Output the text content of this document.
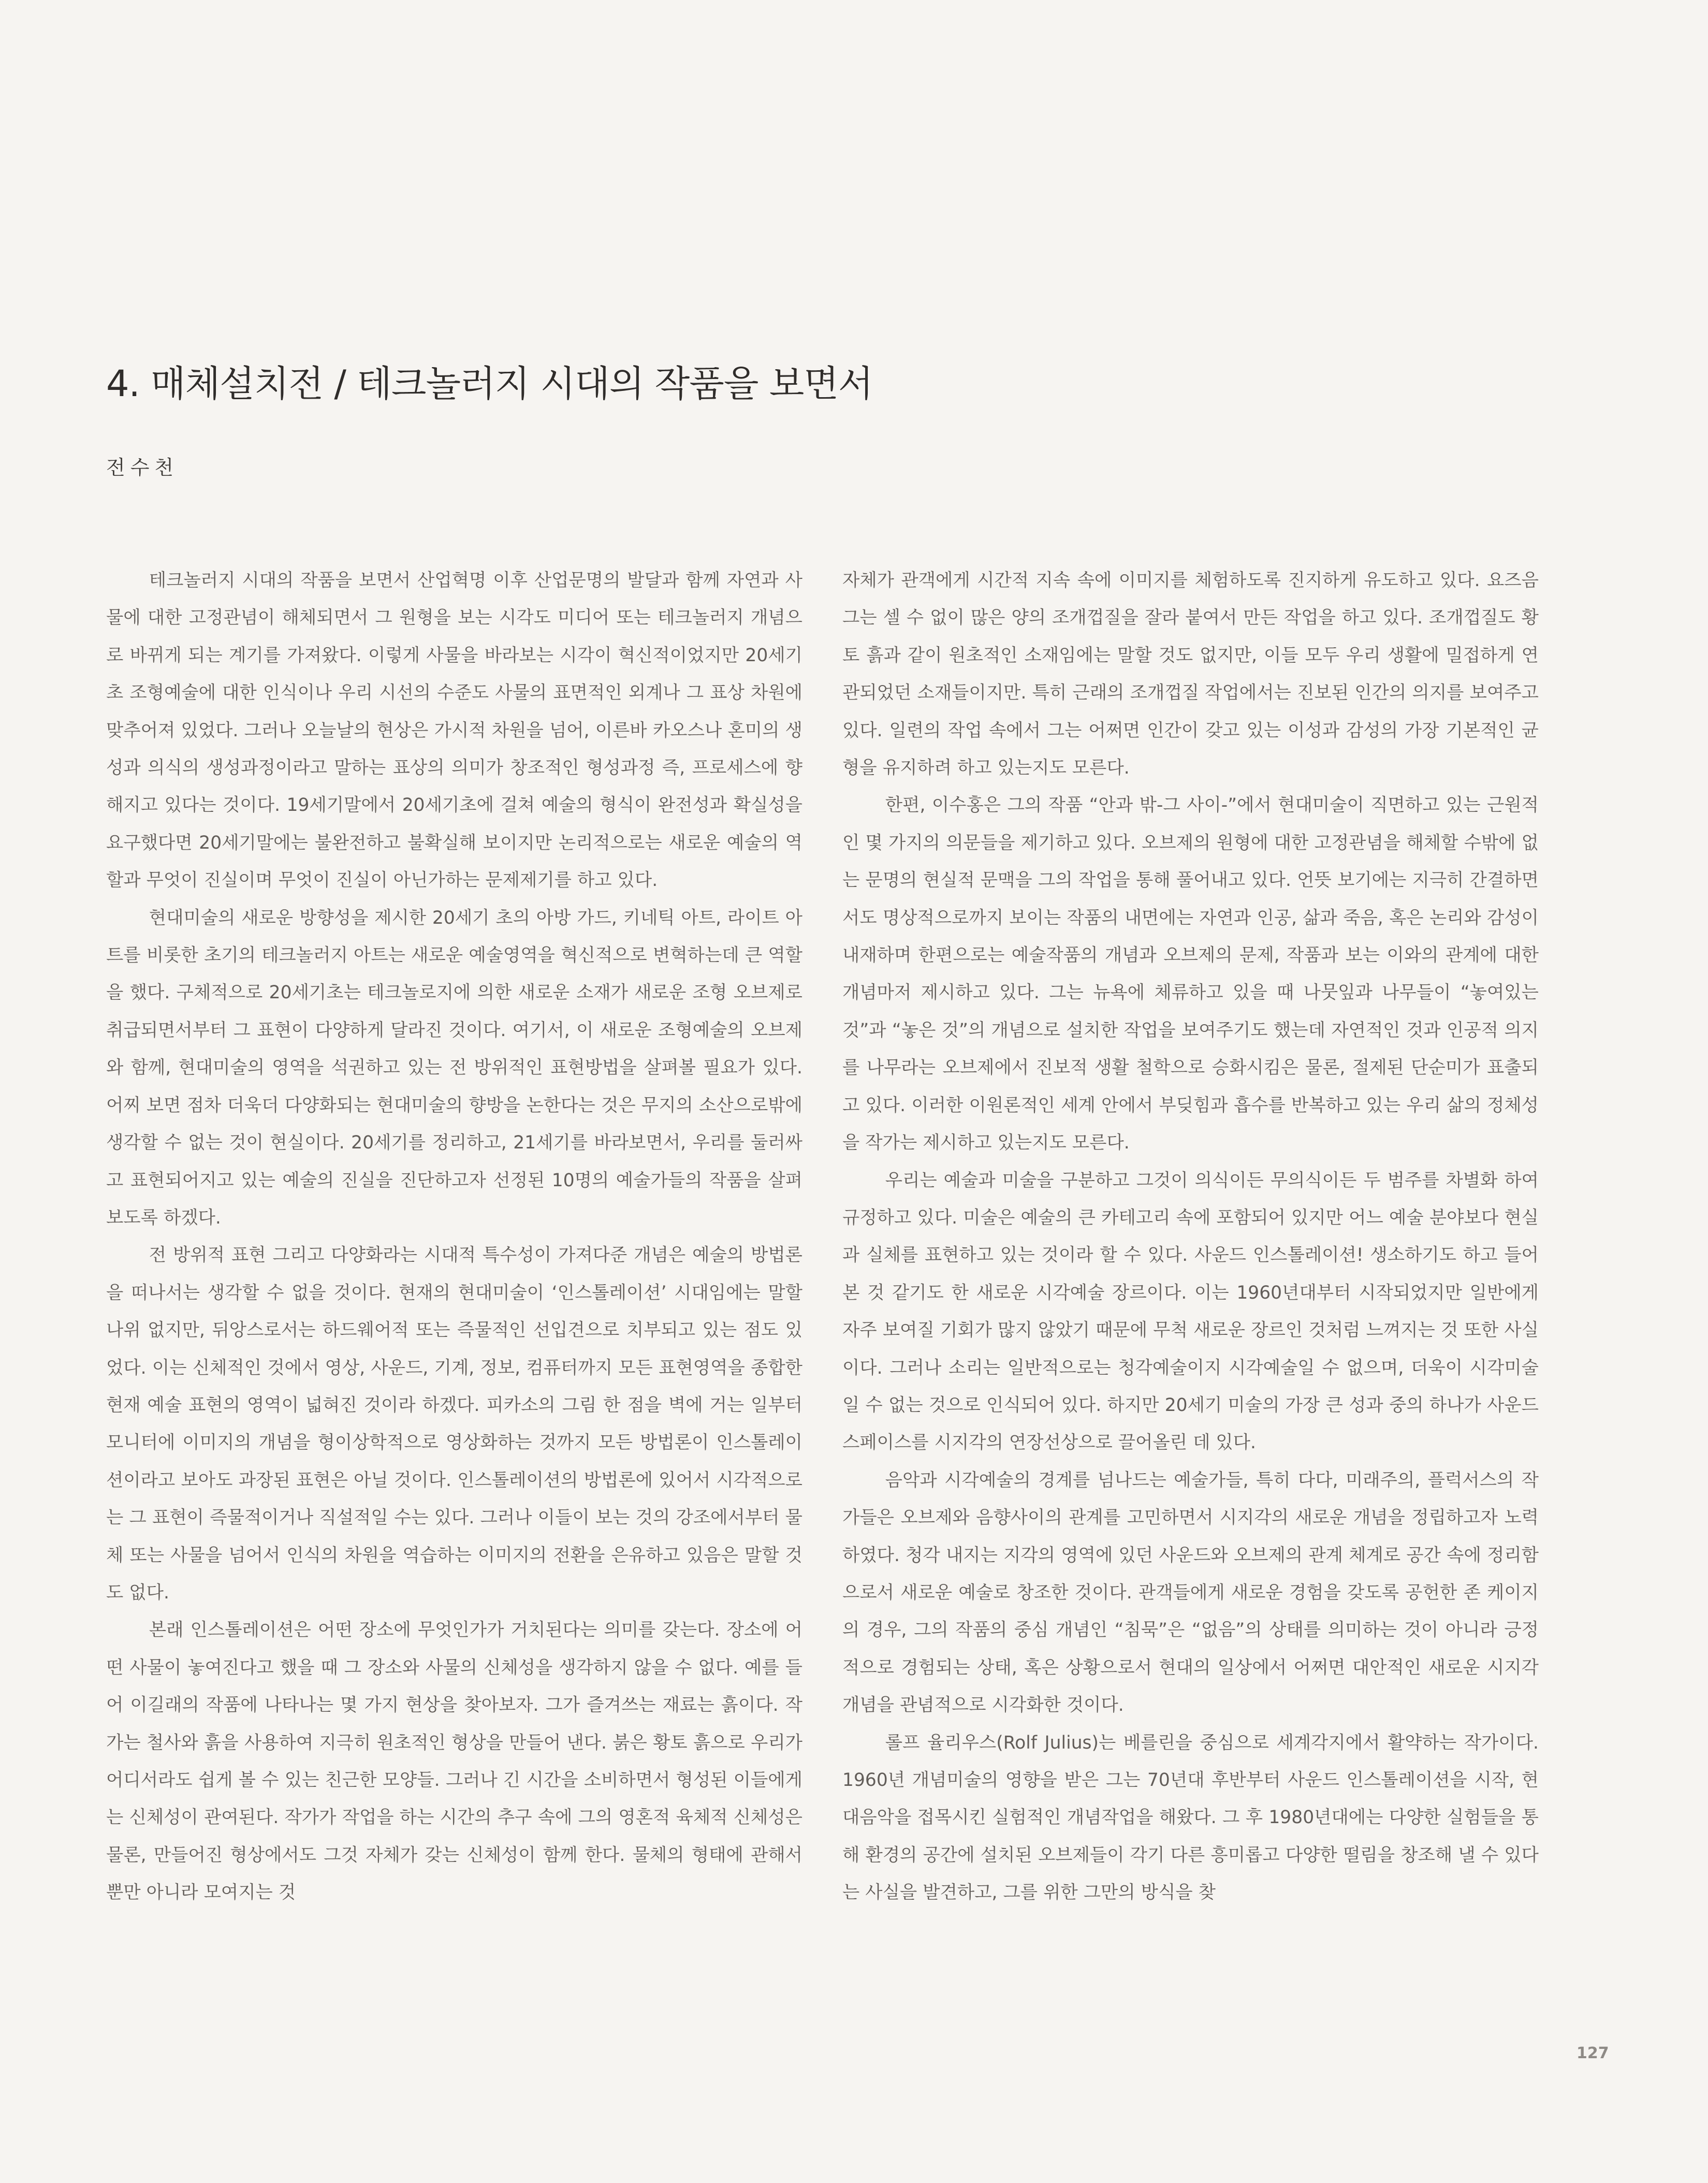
4. 매체설치전 / 테크놀러지 시대의 작품을 보면서

전수천

테크놀러지 시대의 작품을 보면서 산업혁명 이후 산업문명의 발달과 함께 자연과 사물에 대한 고정관념이 해체되면서 그 원형을 보는 시각도 미디어 또는 테크놀러지 개념으로 바뀌게 되는 계기를 가져왔다. 이렇게 사물을 바라보는 시각이 혁신적이었지만 20세기초 조형예술에 대한 인식이나 우리 시선의 수준도 사물의 표면적인 외계나 그 표상 차원에 맞추어져 있었다. 그러나 오늘날의 현상은 가시적 차원을 넘어, 이른바 카오스나 혼미의 생성과 의식의 생성과정이라고 말하는 표상의 의미가 창조적인 형성과정 즉, 프로세스에 향해지고 있다는 것이다. 19세기말에서 20세기초에 걸쳐 예술의 형식이 완전성과 확실성을 요구했다면 20세기말에는 불완전하고 불확실해 보이지만 논리적으로는 새로운 예술의 역할과 무엇이 진실이며 무엇이 진실이 아닌가하는 문제제기를 하고 있다.

현대미술의 새로운 방향성을 제시한 20세기 초의 아방 가드, 키네틱 아트, 라이트 아트를 비롯한 초기의 테크놀러지 아트는 새로운 예술영역을 혁신적으로 변혁하는데 큰 역할을 했다. 구체적으로 20세기초는 테크놀로지에 의한 새로운 소재가 새로운 조형 오브제로 취급되면서부터 그 표현이 다양하게 달라진 것이다. 여기서, 이 새로운 조형예술의 오브제와 함께, 현대미술의 영역을 석권하고 있는 전 방위적인 표현방법을 살펴볼 필요가 있다. 어찌 보면 점차 더욱더 다양화되는 현대미술의 향방을 논한다는 것은 무지의 소산으로밖에 생각할 수 없는 것이 현실이다. 20세기를 정리하고, 21세기를 바라보면서, 우리를 둘러싸고 표현되어지고 있는 예술의 진실을 진단하고자 선정된 10명의 예술가들의 작품을 살펴보도록 하겠다.

전 방위적 표현 그리고 다양화라는 시대적 특수성이 가져다준 개념은 예술의 방법론을 떠나서는 생각할 수 없을 것이다. 현재의 현대미술이 ‘인스톨레이션’ 시대임에는 말할 나위 없지만, 뒤앙스로서는 하드웨어적 또는 즉물적인 선입견으로 치부되고 있는 점도 있었다. 이는 신체적인 것에서 영상, 사운드, 기계, 정보, 컴퓨터까지 모든 표현영역을 종합한 현재 예술 표현의 영역이 넓혀진 것이라 하겠다. 피카소의 그림 한 점을 벽에 거는 일부터 모니터에 이미지의 개념을 형이상학적으로 영상화하는 것까지 모든 방법론이 인스톨레이션이라고 보아도 과장된 표현은 아닐 것이다. 인스톨레이션의 방법론에 있어서 시각적으로는 그 표현이 즉물적이거나 직설적일 수는 있다. 그러나 이들이 보는 것의 강조에서부터 물체 또는 사물을 넘어서 인식의 차원을 역습하는 이미지의 전환을 은유하고 있음은 말할 것도 없다.

본래 인스톨레이션은 어떤 장소에 무엇인가가 거치된다는 의미를 갖는다. 장소에 어떤 사물이 놓여진다고 했을 때 그 장소와 사물의 신체성을 생각하지 않을 수 없다. 예를 들어 이길래의 작품에 나타나는 몇 가지 현상을 찾아보자. 그가 즐겨쓰는 재료는 흙이다. 작가는 철사와 흙을 사용하여 지극히 원초적인 형상을 만들어 낸다. 붉은 황토 흙으로 우리가 어디서라도 쉽게 볼 수 있는 친근한 모양들. 그러나 긴 시간을 소비하면서 형성된 이들에게는 신체성이 관여된다. 작가가 작업을 하는 시간의 추구 속에 그의 영혼적 육체적 신체성은 물론, 만들어진 형상에서도 그것 자체가 갖는 신체성이 함께 한다. 물체의 형태에 관해서 뿐만 아니라 모여지는 것

자체가 관객에게 시간적 지속 속에 이미지를 체험하도록 진지하게 유도하고 있다. 요즈음 그는 셀 수 없이 많은 양의 조개껍질을 잘라 붙여서 만든 작업을 하고 있다. 조개껍질도 황토 흙과 같이 원초적인 소재임에는 말할 것도 없지만, 이들 모두 우리 생활에 밀접하게 연관되었던 소재들이지만. 특히 근래의 조개껍질 작업에서는 진보된 인간의 의지를 보여주고 있다. 일련의 작업 속에서 그는 어쩌면 인간이 갖고 있는 이성과 감성의 가장 기본적인 균형을 유지하려 하고 있는지도 모른다.

한편, 이수홍은 그의 작품 “안과 밖-그 사이-”에서 현대미술이 직면하고 있는 근원적인 몇 가지의 의문들을 제기하고 있다. 오브제의 원형에 대한 고정관념을 해체할 수밖에 없는 문명의 현실적 문맥을 그의 작업을 통해 풀어내고 있다. 언뜻 보기에는 지극히 간결하면서도 명상적으로까지 보이는 작품의 내면에는 자연과 인공, 삶과 죽음, 혹은 논리와 감성이 내재하며 한편으로는 예술작품의 개념과 오브제의 문제, 작품과 보는 이와의 관계에 대한 개념마저 제시하고 있다. 그는 뉴욕에 체류하고 있을 때 나뭇잎과 나무들이 “놓여있는 것”과 “놓은 것”의 개념으로 설치한 작업을 보여주기도 했는데 자연적인 것과 인공적 의지를 나무라는 오브제에서 진보적 생활 철학으로 승화시킴은 물론, 절제된 단순미가 표출되고 있다. 이러한 이원론적인 세계 안에서 부딪힘과 흡수를 반복하고 있는 우리 삶의 정체성을 작가는 제시하고 있는지도 모른다.

우리는 예술과 미술을 구분하고 그것이 의식이든 무의식이든 두 범주를 차별화 하여 규정하고 있다. 미술은 예술의 큰 카테고리 속에 포함되어 있지만 어느 예술 분야보다 현실과 실체를 표현하고 있는 것이라 할 수 있다. 사운드 인스톨레이션! 생소하기도 하고 들어본 것 같기도 한 새로운 시각예술 장르이다. 이는 1960년대부터 시작되었지만 일반에게 자주 보여질 기회가 많지 않았기 때문에 무척 새로운 장르인 것처럼 느껴지는 것 또한 사실이다. 그러나 소리는 일반적으로는 청각예술이지 시각예술일 수 없으며, 더욱이 시각미술일 수 없는 것으로 인식되어 있다. 하지만 20세기 미술의 가장 큰 성과 중의 하나가 사운드 스페이스를 시지각의 연장선상으로 끌어올린 데 있다.

음악과 시각예술의 경계를 넘나드는 예술가들, 특히 다다, 미래주의, 플럭서스의 작가들은 오브제와 음향사이의 관계를 고민하면서 시지각의 새로운 개념을 정립하고자 노력하였다. 청각 내지는 지각의 영역에 있던 사운드와 오브제의 관계 체계로 공간 속에 정리함으로서 새로운 예술로 창조한 것이다. 관객들에게 새로운 경험을 갖도록 공헌한 존 케이지의 경우, 그의 작품의 중심 개념인 “침묵”은 “없음”의 상태를 의미하는 것이 아니라 긍정적으로 경험되는 상태, 혹은 상황으로서 현대의 일상에서 어쩌면 대안적인 새로운 시지각 개념을 관념적으로 시각화한 것이다.

롤프 율리우스(Rolf Julius)는 베를린을 중심으로 세계각지에서 활약하는 작가이다. 1960년 개념미술의 영향을 받은 그는 70년대 후반부터 사운드 인스톨레이션을 시작, 현대음악을 접목시킨 실험적인 개념작업을 해왔다. 그 후 1980년대에는 다양한 실험들을 통해 환경의 공간에 설치된 오브제들이 각기 다른 흥미롭고 다양한 떨림을 창조해 낼 수 있다는 사실을 발견하고, 그를 위한 그만의 방식을 찾

127
